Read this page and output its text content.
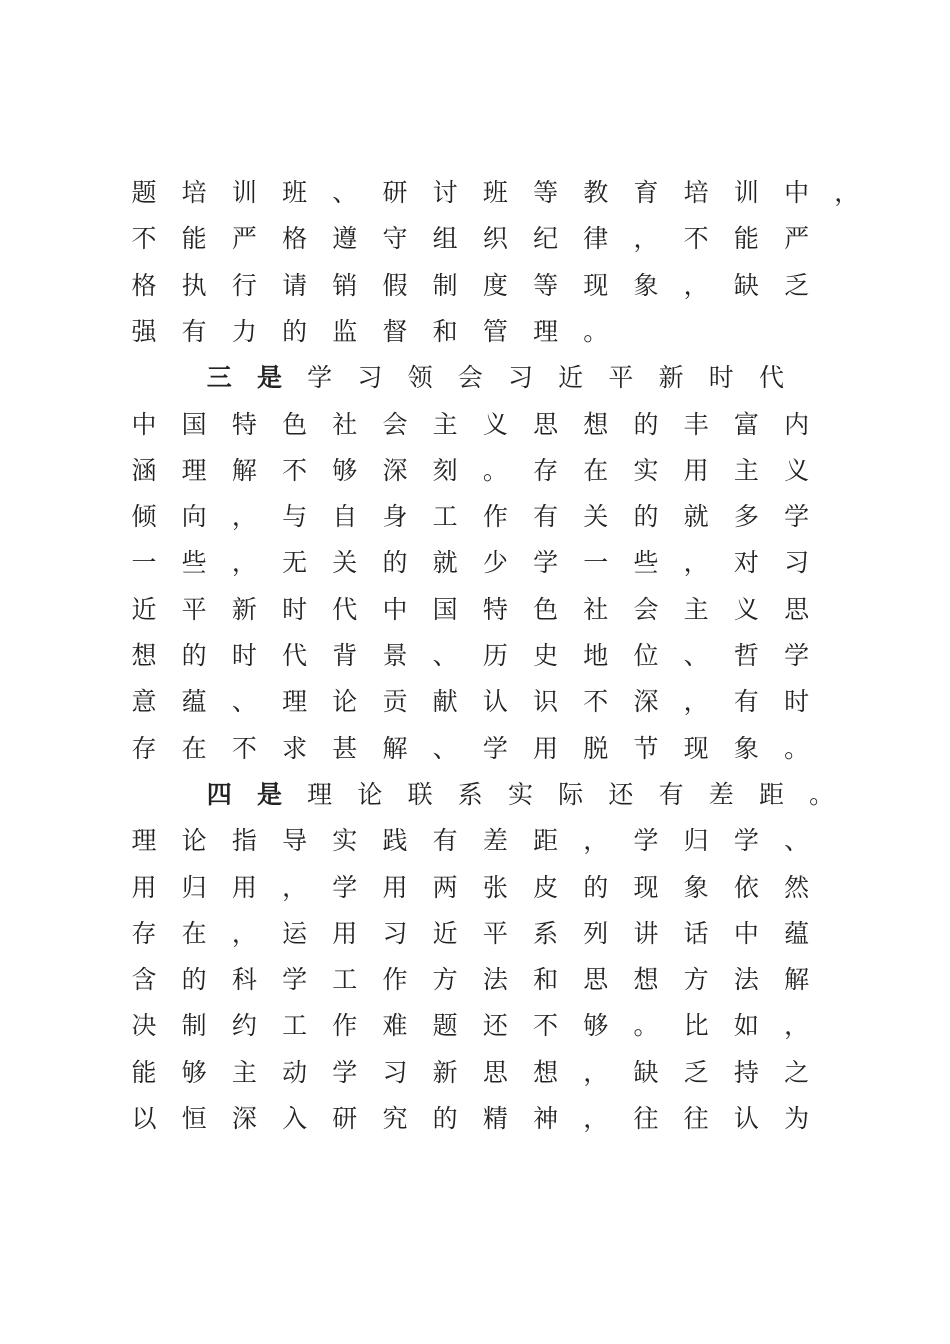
题 培 训 班 、 研 讨 班 等 教 育 培 训 中 ，
不 能 严 格 遵 守 组 织 纪 律 ， 不 能 严
格 执 行 请 销 假 制 度 等 现 象 ， 缺 乏
强 有 力 的 监 督 和 管 理 。
三 是 学 习 领 会 习 近 平 新 时 代
中 国 特 色 社 会 主 义 思 想 的 丰 富 内
涵 理 解 不 够 深 刻 。 存 在 实 用 主 义
倾 向 ， 与 自 身 工 作 有 关 的 就 多 学
一 些 ， 无 关 的 就 少 学 一 些 ， 对 习
近 平 新 时 代 中 国 特 色 社 会 主 义 思
想 的 时 代 背 景 、 历 史 地 位 、 哲 学
意 蕴 、 理 论 贡 献 认 识 不 深 ， 有 时
存 在 不 求 甚 解 、 学 用 脱 节 现 象 。
四 是 理 论 联 系 实 际 还 有 差 距 。
理 论 指 导 实 践 有 差 距 ， 学 归 学 、
用 归 用 ， 学 用 两 张 皮 的 现 象 依 然
存 在 ， 运 用 习 近 平 系 列 讲 话 中 蕴
含 的 科 学 工 作 方 法 和 思 想 方 法 解
决 制 约 工 作 难 题 还 不 够 。 比 如 ，
能 够 主 动 学 习 新 思 想 ， 缺 乏 持 之
以 恒 深 入 研 究 的 精 神 ， 往 往 认 为
